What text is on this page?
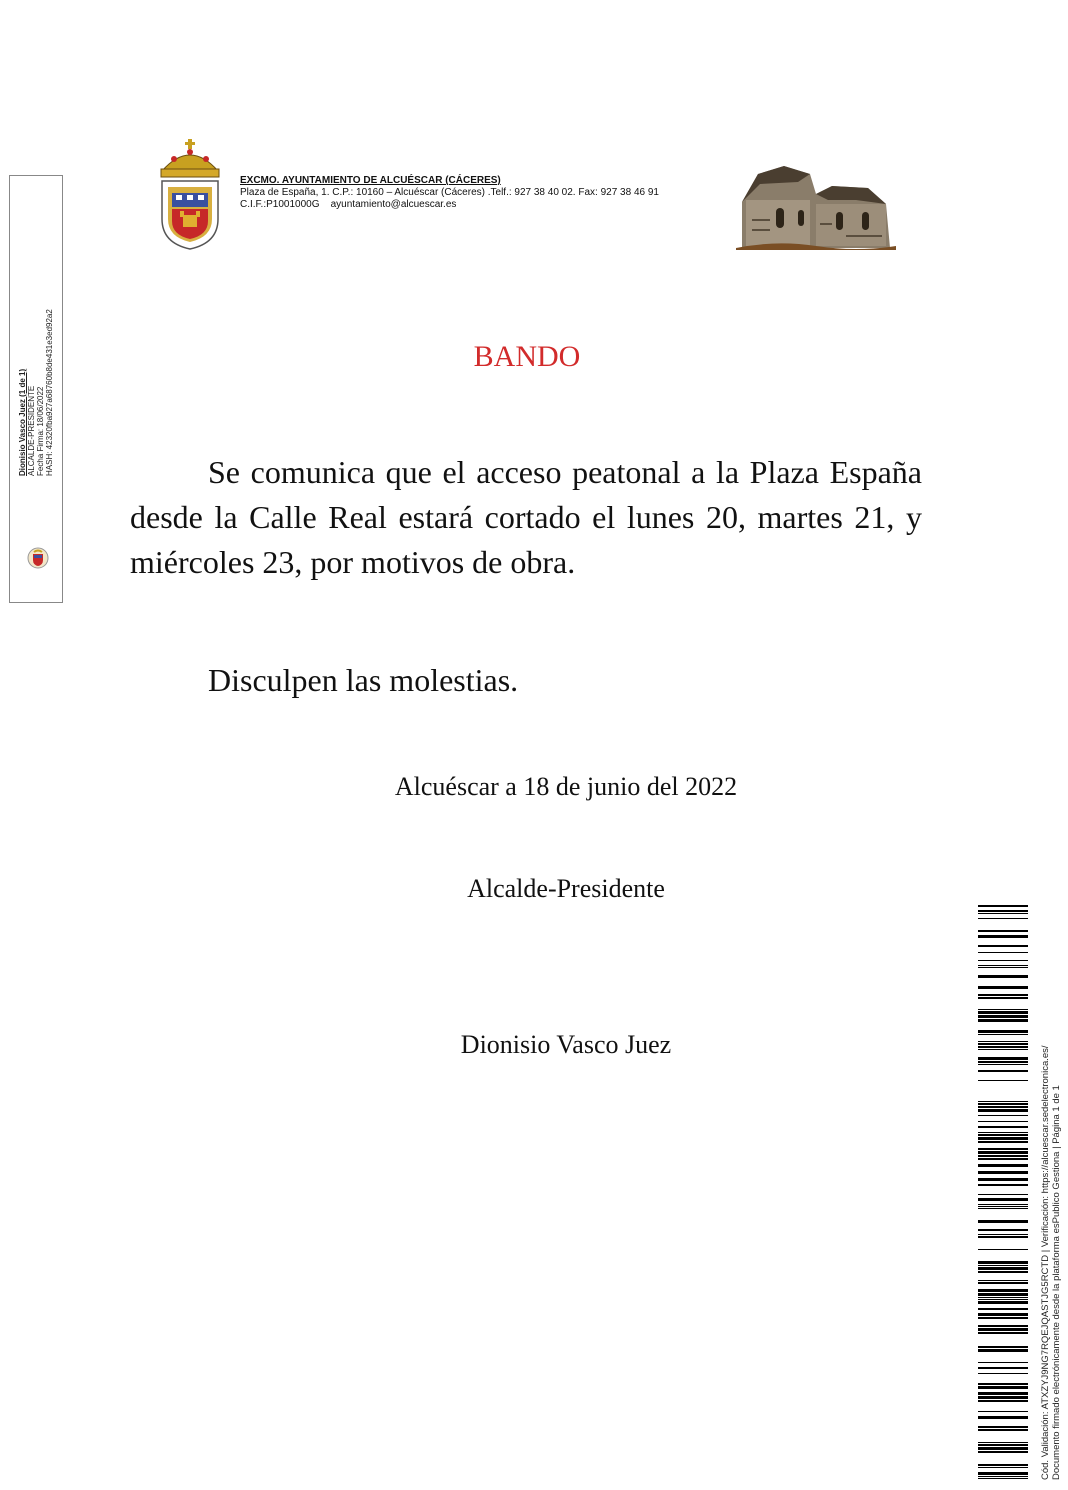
EXCMO. AYUNTAMIENTO DE ALCUÉSCAR (CÁCERES)
Plaza de España, 1. C.P.: 10160 – Alcuéscar (Cáceres) .Telf.: 927 38 40 02. Fax: 927 38 46 91
C.I.F.:P1001000G ayuntamiento@alcuescar.es
Dionisio Vasco Juez (1 de 1) ALCALDE-PRESIDENTE Fecha Firma: 18/06/2022 HASH: 42320fba927a68760b8de431e3ed92a2	BANDO
Se comunica que el acceso peatonal a la Plaza España desde la Calle Real estará cortado el lunes 20, martes 21, y miércoles 23, por motivos de obra.
Disculpen las molestias.
Alcuéscar a 18 de junio del 2022
Alcalde-Presidente
Dionisio Vasco Juez
Cód. Validación: ATXZYJ9NG7RQEJQASTJG5RCTD | Verificación: https://alcuescar.sedelectronica.es/ Documento firmado electrónicamente desde la plataforma esPublico Gestiona | Página 1 de 1
